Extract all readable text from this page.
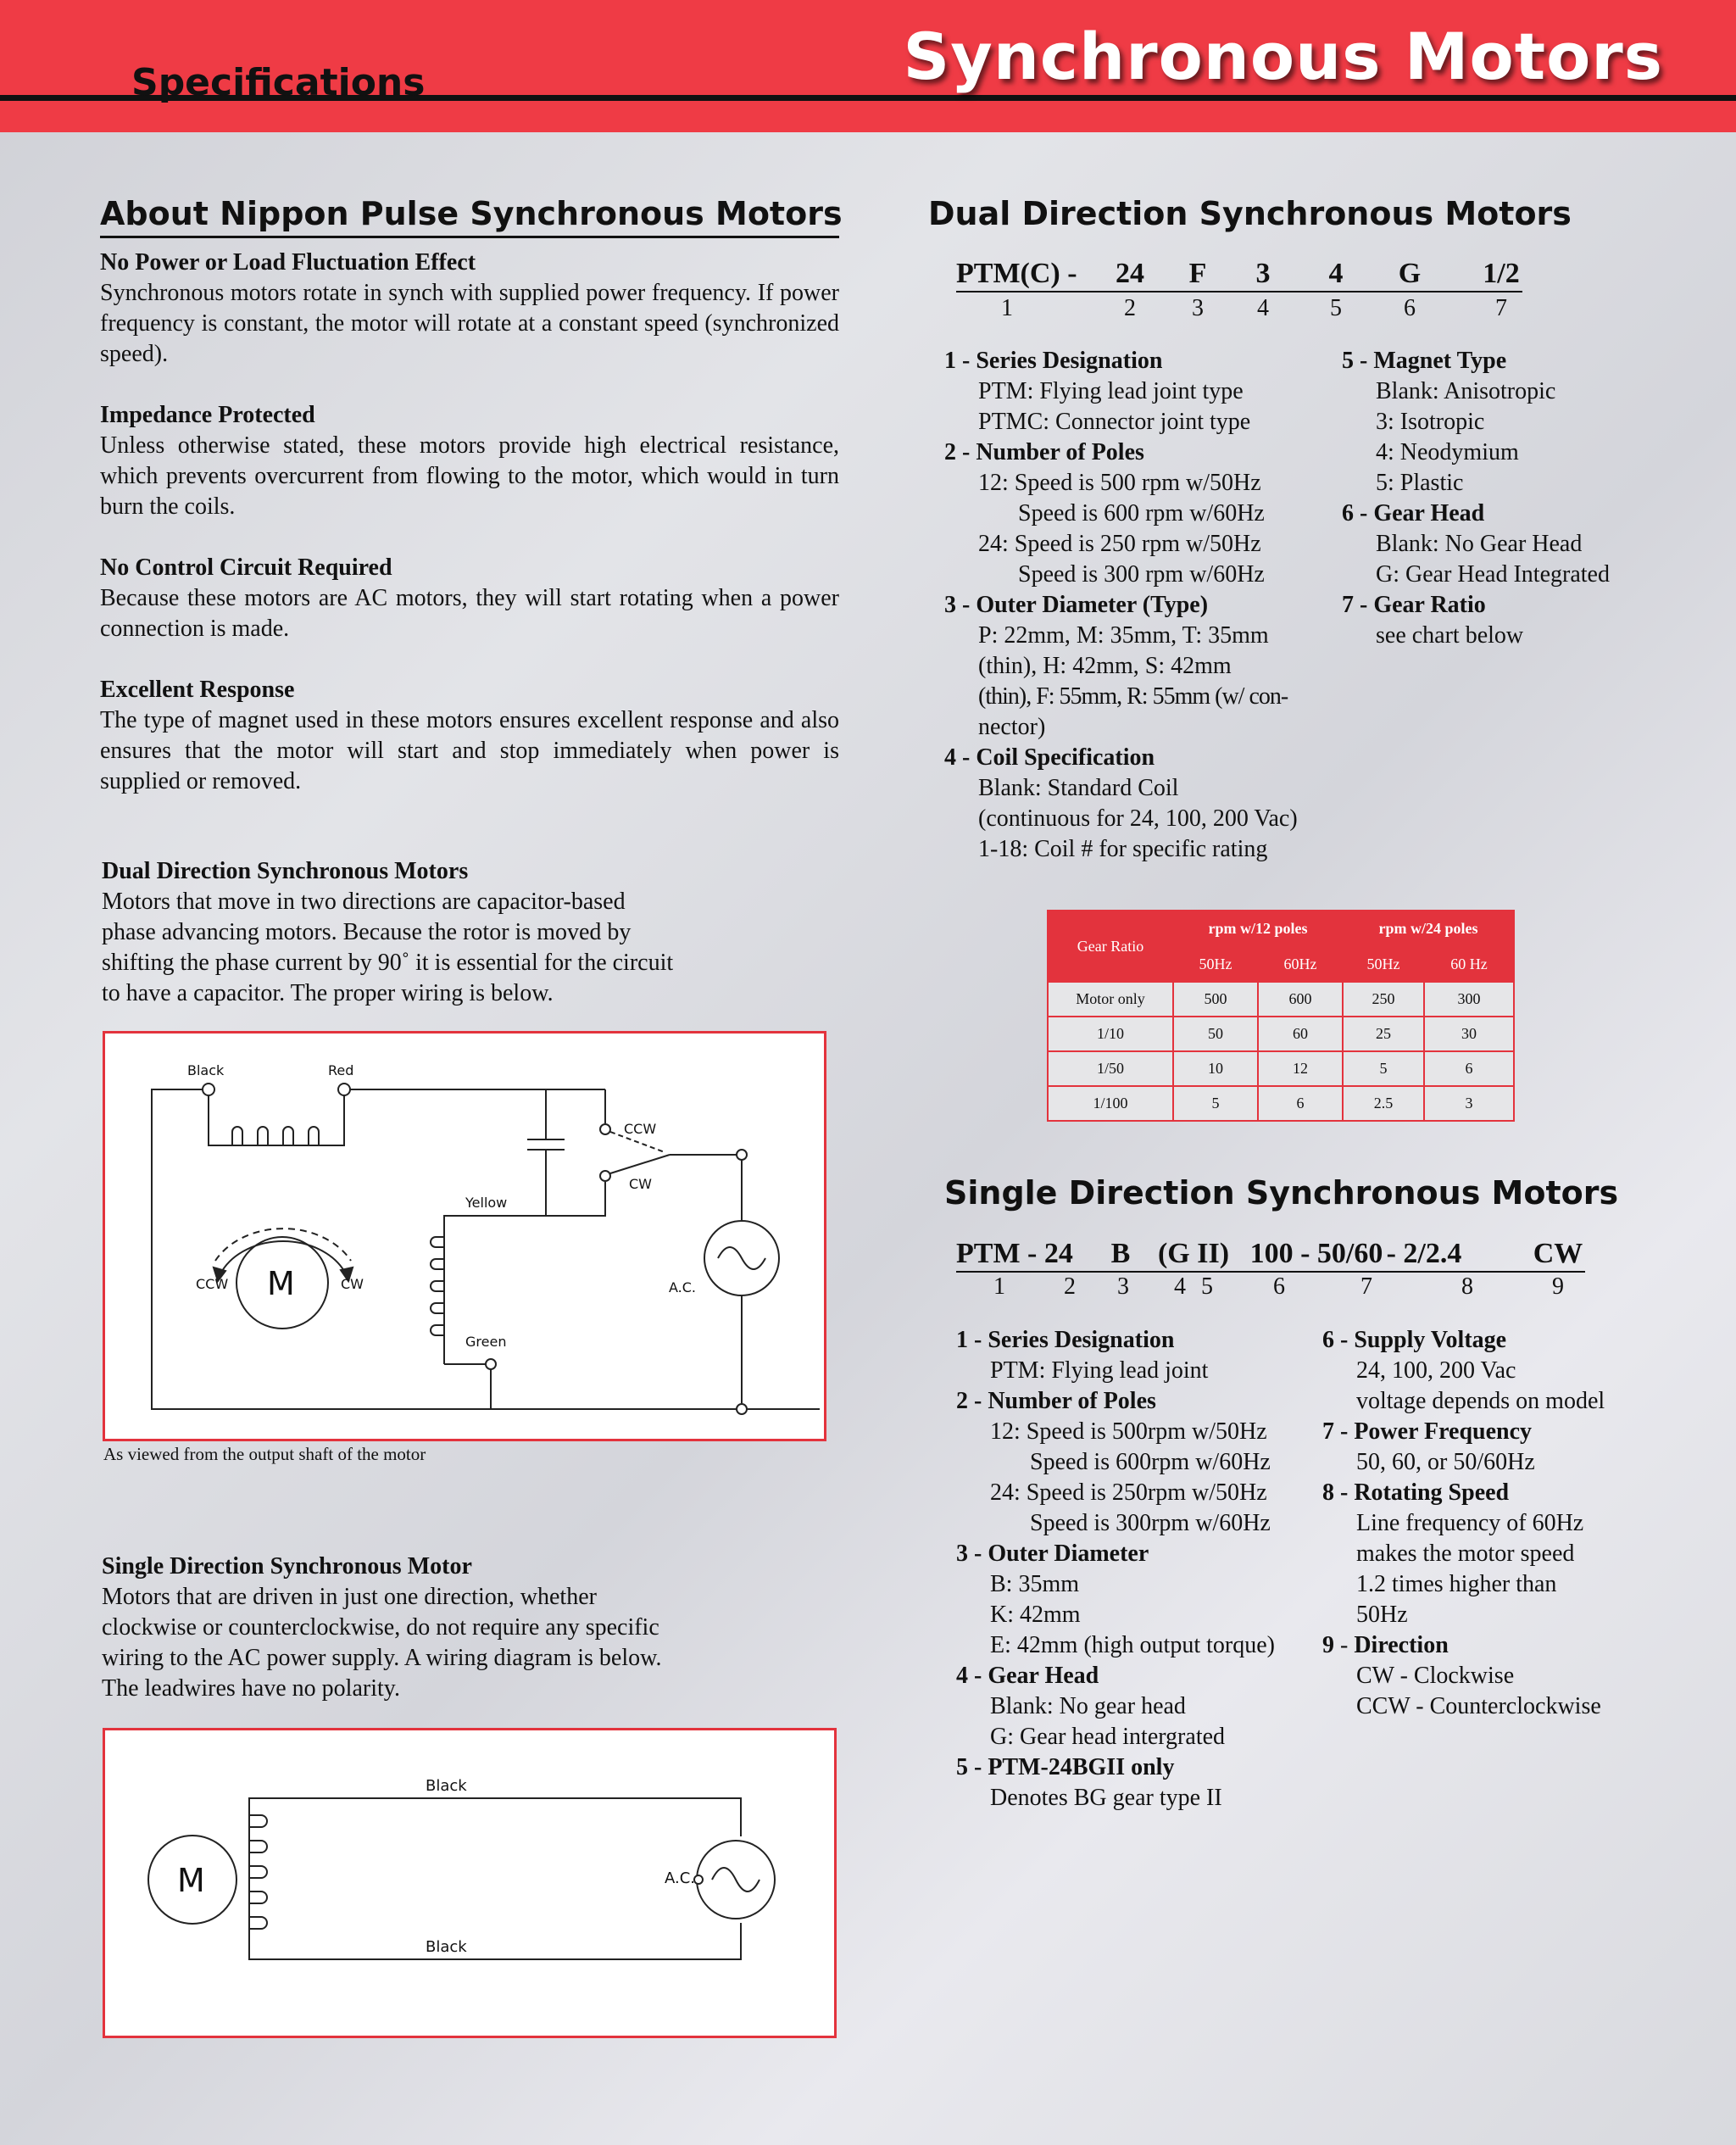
Synchronous Motors
Specifications
About Nippon Pulse Synchronous Motors
No Power or Load Fluctuation Effect
Synchronous motors rotate in synch with supplied power frequency. If power frequency is constant, the motor will rotate at a constant speed (synchronized speed).
Impedance Protected
Unless otherwise stated, these motors provide high electrical resistance, which prevents overcurrent from flowing to the motor, which would in turn burn the coils.
No Control Circuit Required
Because these motors are AC motors, they will start rotating when a power connection is made.
Excellent Response
The type of magnet used in these motors ensures excellent response and also ensures that the motor will start and stop immediately when power is supplied or removed.
Dual Direction Synchronous Motors
Motors that move in two directions are capacitor-based phase advancing motors. Because the rotor is moved by shifting the phase current by 90˚ it is essential for the circuit to have a capacitor. The proper wiring is below.
Black	Red
CCW
CW
Yellow
Green
M
CCW	CW	A.C.
As viewed from the output shaft of the motor
Single Direction Synchronous Motor
Motors that are driven in just one direction, whether clockwise or counterclockwise, do not require any specific wiring to the AC power supply. A wiring diagram is below. The leadwires have no polarity.
Black
Black
M	A.C.
Dual Direction Synchronous Motors
PTM(C) - 24 F 3 4 G 1/2
1	2 3 4	5	6	7
1 - Series Designation
PTM: Flying lead joint type
PTMC: Connector joint type
2 - Number of Poles
12: Speed is 500 rpm w/50Hz
Speed is 600 rpm w/60Hz
24: Speed is 250 rpm w/50Hz
Speed is 300 rpm w/60Hz
3 - Outer Diameter (Type)
P: 22mm, M: 35mm, T: 35mm
(thin), H: 42mm, S: 42mm
(thin), F: 55mm, R: 55mm (w/ con-
nector)
4 - Coil Specification
Blank: Standard Coil
(continuous for 24, 100, 200 Vac)
1-18: Coil # for specific rating
5 - Magnet Type
Blank: Anisotropic
3: Isotropic
4: Neodymium
5: Plastic
6 - Gear Head
Blank: No Gear Head
G: Gear Head Integrated
7 - Gear Ratio
see chart below
Gear Ratio	rpm w/12 poles		rpm w/24 poles	
	50Hz	60Hz	50Hz	60 Hz
Motor only	500	600	250	300
1/10	50	60	25	30
1/50	10	12	5	6
1/100	5	6	2.5	3
Single Direction Synchronous Motors
PTM - 24 B (G II) 100 - 50/60 - 2/2.4 CW
1 2 3 4 5	6	7	8	9
1 - Series Designation
PTM: Flying lead joint
2 - Number of Poles
12: Speed is 500rpm w/50Hz
Speed is 600rpm w/60Hz
24: Speed is 250rpm w/50Hz
Speed is 300rpm w/60Hz
3 - Outer Diameter
B: 35mm
K: 42mm
E: 42mm (high output torque)
4 - Gear Head
Blank: No gear head
G: Gear head intergrated
5 - PTM-24BGII only
Denotes BG gear type II
6 - Supply Voltage
24, 100, 200 Vac
voltage depends on model
7 - Power Frequency
50, 60, or 50/60Hz
8 - Rotating Speed
Line frequency of 60Hz
makes the motor speed
1.2 times higher than
50Hz
9 - Direction
CW - Clockwise
CCW - Counterclockwise
